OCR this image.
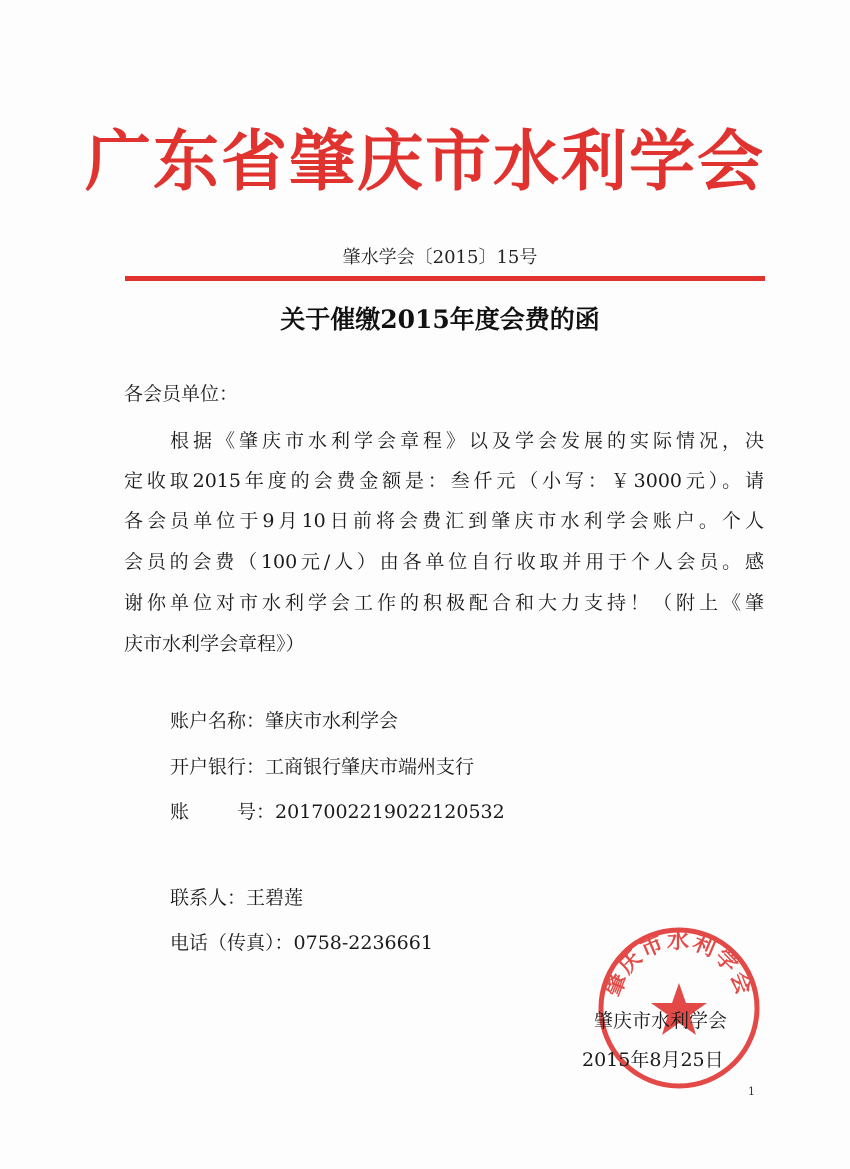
广东省肇庆市水利学会
肇水学会〔2015〕15号
关于催缴2015年度会费的函
各会员单位：
根据《肇庆市水利学会章程》以及学会发展的实际情况，决
定收取2015年度的会费金额是：叁仟元（小写：￥3000元）。请
各会员单位于9月10日前将会费汇到肇庆市水利学会账户。个人
会员的会费（100元/人）由各单位自行收取并用于个人会员。感
谢你单位对市水利学会工作的积极配合和大力支持！（附上《肇
庆市水利学会章程》）
账户名称：肇庆市水利学会
开户银行：工商银行肇庆市端州支行
账	号：2017002219022120532
联系人：王碧莲
电话（传真）：0758-2236661
肇庆市水利学会
肇庆市水利学会
2015年8月25日
1
